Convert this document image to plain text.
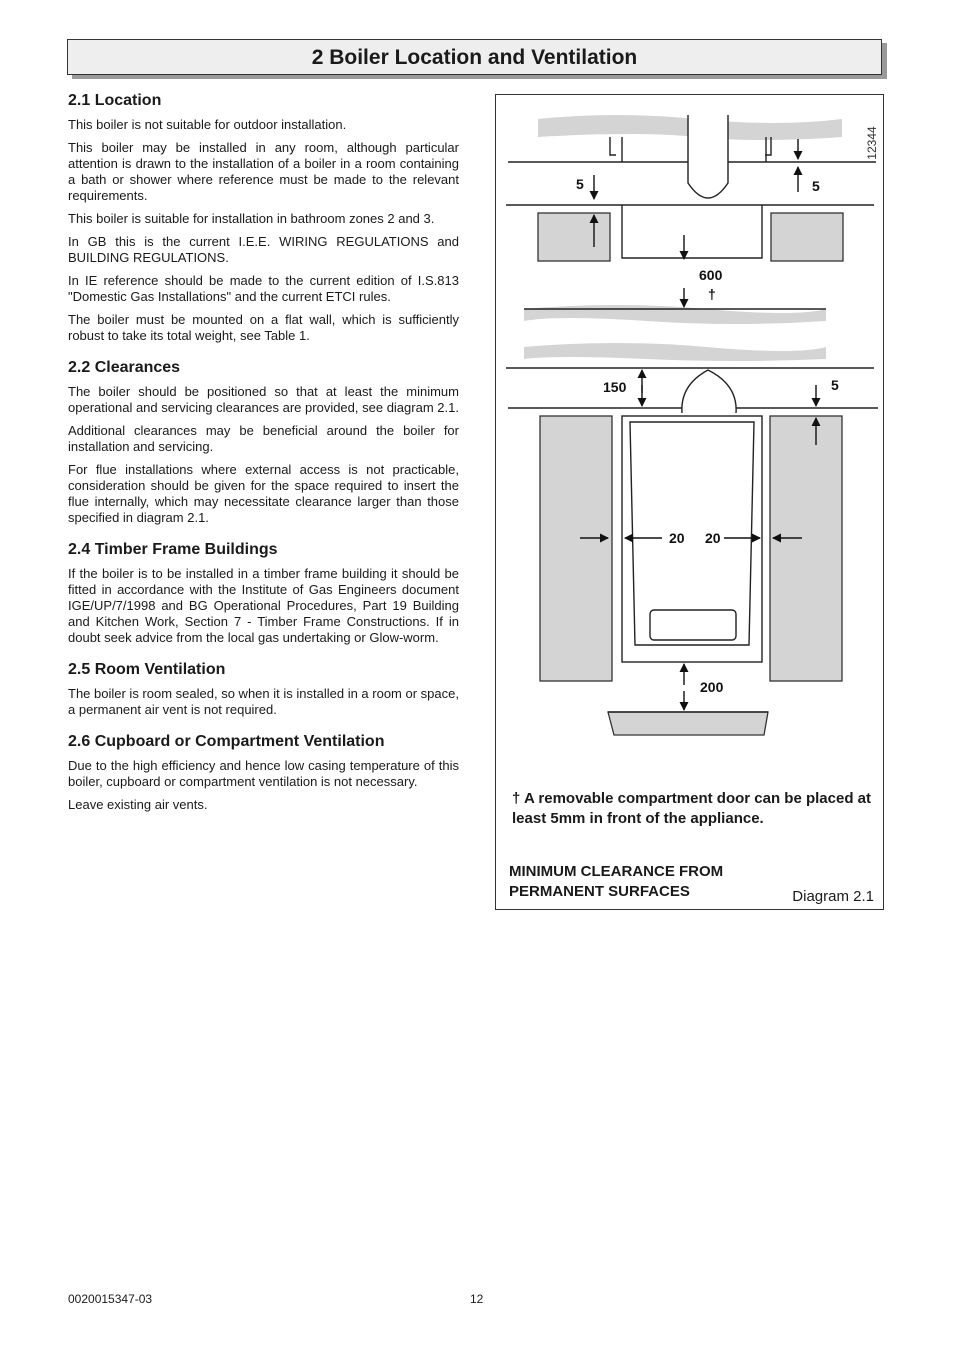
2 Boiler Location and Ventilation
2.1 Location

This boiler is not suitable for outdoor installation.

This boiler may be installed in any room, although particular attention is drawn to the installation of a boiler in a room containing a bath or shower where reference must be made to the relevant requirements.

This boiler is suitable for installation in bathroom zones 2 and 3.

In GB this is the current I.E.E. WIRING REGULATIONS and BUILDING REGULATIONS.

In IE reference should be made to the current edition of I.S.813 "Domestic Gas Installations" and the current ETCI rules.

The boiler must be mounted on a flat wall, which is sufficiently robust to take its total weight, see Table 1.

2.2 Clearances

The boiler should be positioned so that at least the minimum operational and servicing clearances are provided, see diagram 2.1.

Additional clearances may be beneficial around the boiler for installation and servicing.

For flue installations where external access is not practicable, consideration should be given for the space required to insert the flue internally, which may necessitate clearance larger than those specified in diagram 2.1.

2.4 Timber Frame Buildings

If the boiler is to be installed in a timber frame building it should be fitted in accordance with the Institute of Gas Engineers document IGE/UP/7/1998 and BG Operational Procedures, Part 19 Building and Kitchen Work, Section 7 - Timber Frame Constructions. If in doubt seek advice from the local gas undertaking or Glow-worm.

2.5 Room Ventilation

The boiler is room sealed, so when it is installed in a room or space, a permanent air vent is not required.

2.6 Cupboard or Compartment Ventilation

Due to the high efficiency and hence low casing temperature of this boiler, cupboard or compartment ventilation is not necessary.

Leave existing air vents.

5	5
600
†
150	5
20 20
200
12344
† A removable compartment door can be placed at least 5mm in front of the appliance.
MINIMUM CLEARANCE FROM
PERMANENT SURFACES	Diagram 2.1
0020015347-03	12
